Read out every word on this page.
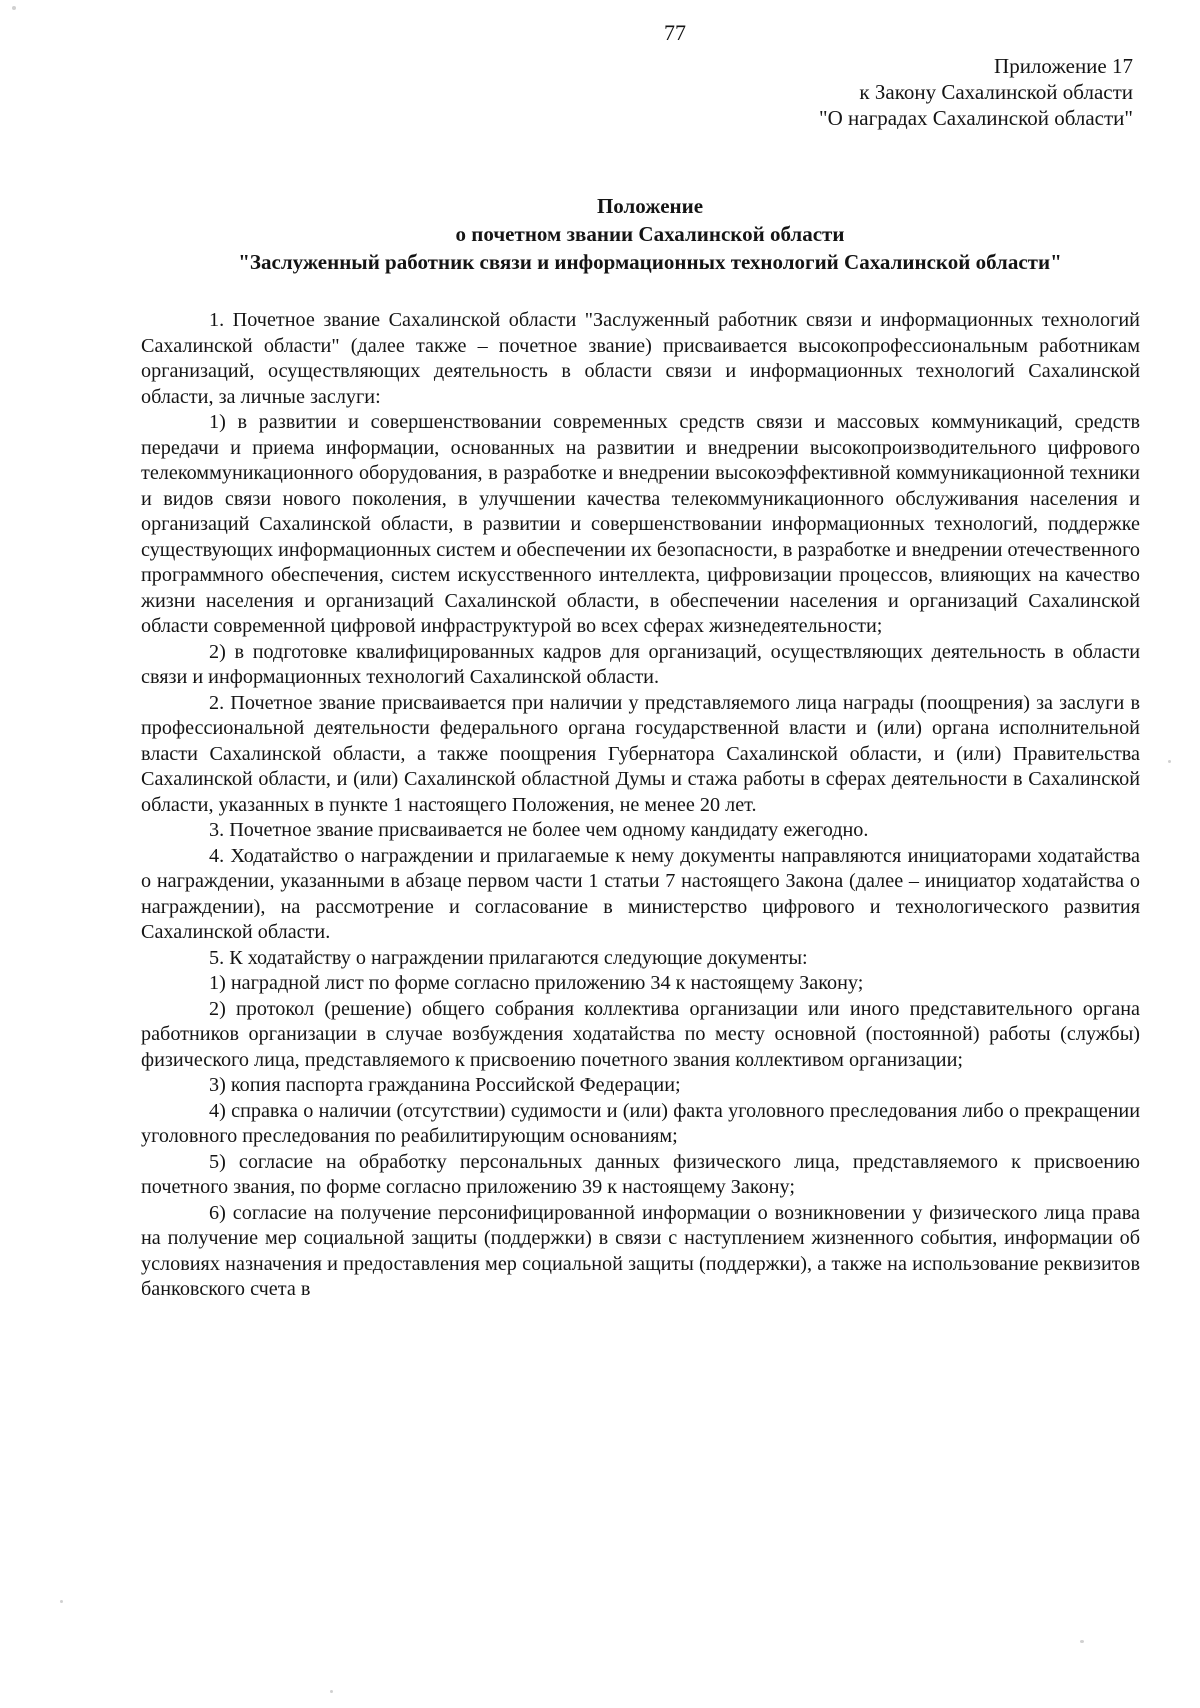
77
Приложение 17
к Закону Сахалинской области
"О наградах Сахалинской области"
Положение
о почетном звании Сахалинской области
"Заслуженный работник связи и информационных технологий Сахалинской области"

1. Почетное звание Сахалинской области "Заслуженный работник связи и информационных технологий Сахалинской области" (далее также – почетное звание) присваивается высокопрофессиональным работникам организаций, осуществляющих деятельность в области связи и информационных технологий Сахалинской области, за личные заслуги:

1) в развитии и совершенствовании современных средств связи и массовых коммуникаций, средств передачи и приема информации, основанных на развитии и внедрении высокопроизводительного цифрового телекоммуникационного оборудования, в разработке и внедрении высокоэффективной коммуникационной техники и видов связи нового поколения, в улучшении качества телекоммуникационного обслуживания населения и организаций Сахалинской области, в развитии и совершенствовании информационных технологий, поддержке существующих информационных систем и обеспечении их безопасности, в разработке и внедрении отечественного программного обеспечения, систем искусственного интеллекта, цифровизации процессов, влияющих на качество жизни населения и организаций Сахалинской области, в обеспечении населения и организаций Сахалинской области современной цифровой инфраструктурой во всех сферах жизнедеятельности;

2) в подготовке квалифицированных кадров для организаций, осуществляющих деятельность в области связи и информационных технологий Сахалинской области.

2. Почетное звание присваивается при наличии у представляемого лица награды (поощрения) за заслуги в профессиональной деятельности федерального органа государственной власти и (или) органа исполнительной власти Сахалинской области, а также поощрения Губернатора Сахалинской области, и (или) Правительства Сахалинской области, и (или) Сахалинской областной Думы и стажа работы в сферах деятельности в Сахалинской области, указанных в пункте 1 настоящего Положения, не менее 20 лет.

3. Почетное звание присваивается не более чем одному кандидату ежегодно.

4. Ходатайство о награждении и прилагаемые к нему документы направляются инициаторами ходатайства о награждении, указанными в абзаце первом части 1 статьи 7 настоящего Закона (далее – инициатор ходатайства о награждении), на рассмотрение и согласование в министерство цифрового и технологического развития Сахалинской области.

5. К ходатайству о награждении прилагаются следующие документы:

1) наградной лист по форме согласно приложению 34 к настоящему Закону;

2) протокол (решение) общего собрания коллектива организации или иного представительного органа работников организации в случае возбуждения ходатайства по месту основной (постоянной) работы (службы) физического лица, представляемого к присвоению почетного звания коллективом организации;

3) копия паспорта гражданина Российской Федерации;

4) справка о наличии (отсутствии) судимости и (или) факта уголовного преследования либо о прекращении уголовного преследования по реабилитирующим основаниям;

5) согласие на обработку персональных данных физического лица, представляемого к присвоению почетного звания, по форме согласно приложению 39 к настоящему Закону;

6) согласие на получение персонифицированной информации о возникновении у физического лица права на получение мер социальной защиты (поддержки) в связи с наступлением жизненного события, информации об условиях назначения и предоставления мер социальной защиты (поддержки), а также на использование реквизитов банковского счета в
